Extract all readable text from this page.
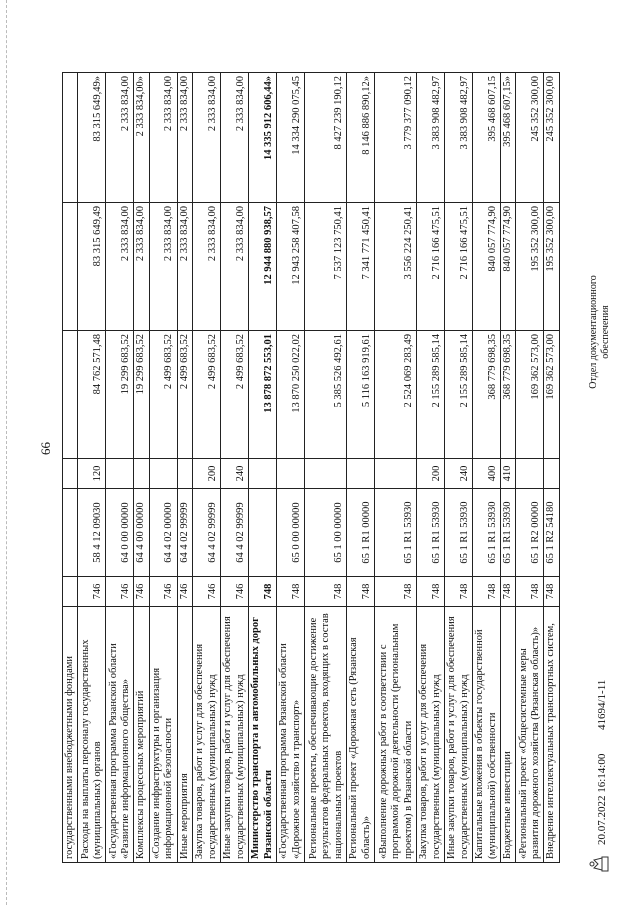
66
государственными внебюджетными фондами						
Расходы на выплаты персоналу государственных (муниципальных) органов	746	58 4 12 09030	120	84 762 571,48	83 315 649,49	83 315 649,49»
«Государственная программа Рязанской области «Развитие информационного общества»	746	64 0 00 00000		19 299 683,52	2 333 834,00	2 333 834,00
Комплексы процессных мероприятий	746	64 4 00 00000		19 299 683,52	2 333 834,00	2 333 834,00»
«Создание инфраструктуры и организация информационной безопасности	746	64 4 02 00000		2 499 683,52	2 333 834,00	2 333 834,00
Иные мероприятия	746	64 4 02 99999		2 499 683,52	2 333 834,00	2 333 834,00
Закупка товаров, работ и услуг для обеспечения государственных (муниципальных) нужд	746	64 4 02 99999	200	2 499 683,52	2 333 834,00	2 333 834,00
Иные закупки товаров, работ и услуг для обеспечения государственных (муниципальных) нужд	746	64 4 02 99999	240	2 499 683,52	2 333 834,00	2 333 834,00
Министерство транспорта и автомобильных дорог Рязанской области	748			13 878 872 553,01	12 944 880 938,57	14 335 912 606,44»
«Государственная программа Рязанской области «Дорожное хозяйство и транспорт»	748	65 0 00 00000		13 870 250 022,02	12 943 258 407,58	14 334 290 075,45
Региональные проекты, обеспечивающие достижение результатов федеральных проектов, входящих в состав национальных проектов	748	65 1 00 00000		5 385 526 492,61	7 537 123 750,41	8 427 239 190,12
Региональный проект «Дорожная сеть (Рязанская область)»	748	65 1 R1 00000		5 116 163 919,61	7 341 771 450,41	8 146 886 890,12»
«Выполнение дорожных работ в соответствии с программой дорожной деятельности (региональным проектом) в Рязанской области	748	65 1 R1 53930		2 524 069 283,49	3 556 224 250,41	3 779 377 090,12
Закупка товаров, работ и услуг для обеспечения государственных (муниципальных) нужд	748	65 1 R1 53930	200	2 155 289 585,14	2 716 166 475,51	3 383 908 482,97
Иные закупки товаров, работ и услуг для обеспечения государственных (муниципальных) нужд	748	65 1 R1 53930	240	2 155 289 585,14	2 716 166 475,51	3 383 908 482,97
Капитальные вложения в объекты государственной (муниципальной) собственности	748	65 1 R1 53930	400	368 779 698,35	840 057 774,90	395 468 607,15
Бюджетные инвестиции	748	65 1 R1 53930	410	368 779 698,35	840 057 774,90	395 468 607,15»
«Региональный проект «Общесистемные меры развития дорожного хозяйства (Рязанская область)»	748	65 1 R2 00000		169 362 573,00	195 352 300,00	245 352 300,00
Внедрение интеллектуальных транспортных систем,	748	65 1 R2 54180		169 362 573,00	195 352 300,00	245 352 300,00
20.07.2022 16:14:00
41694/1-11
Отдел документационного обеспечения
